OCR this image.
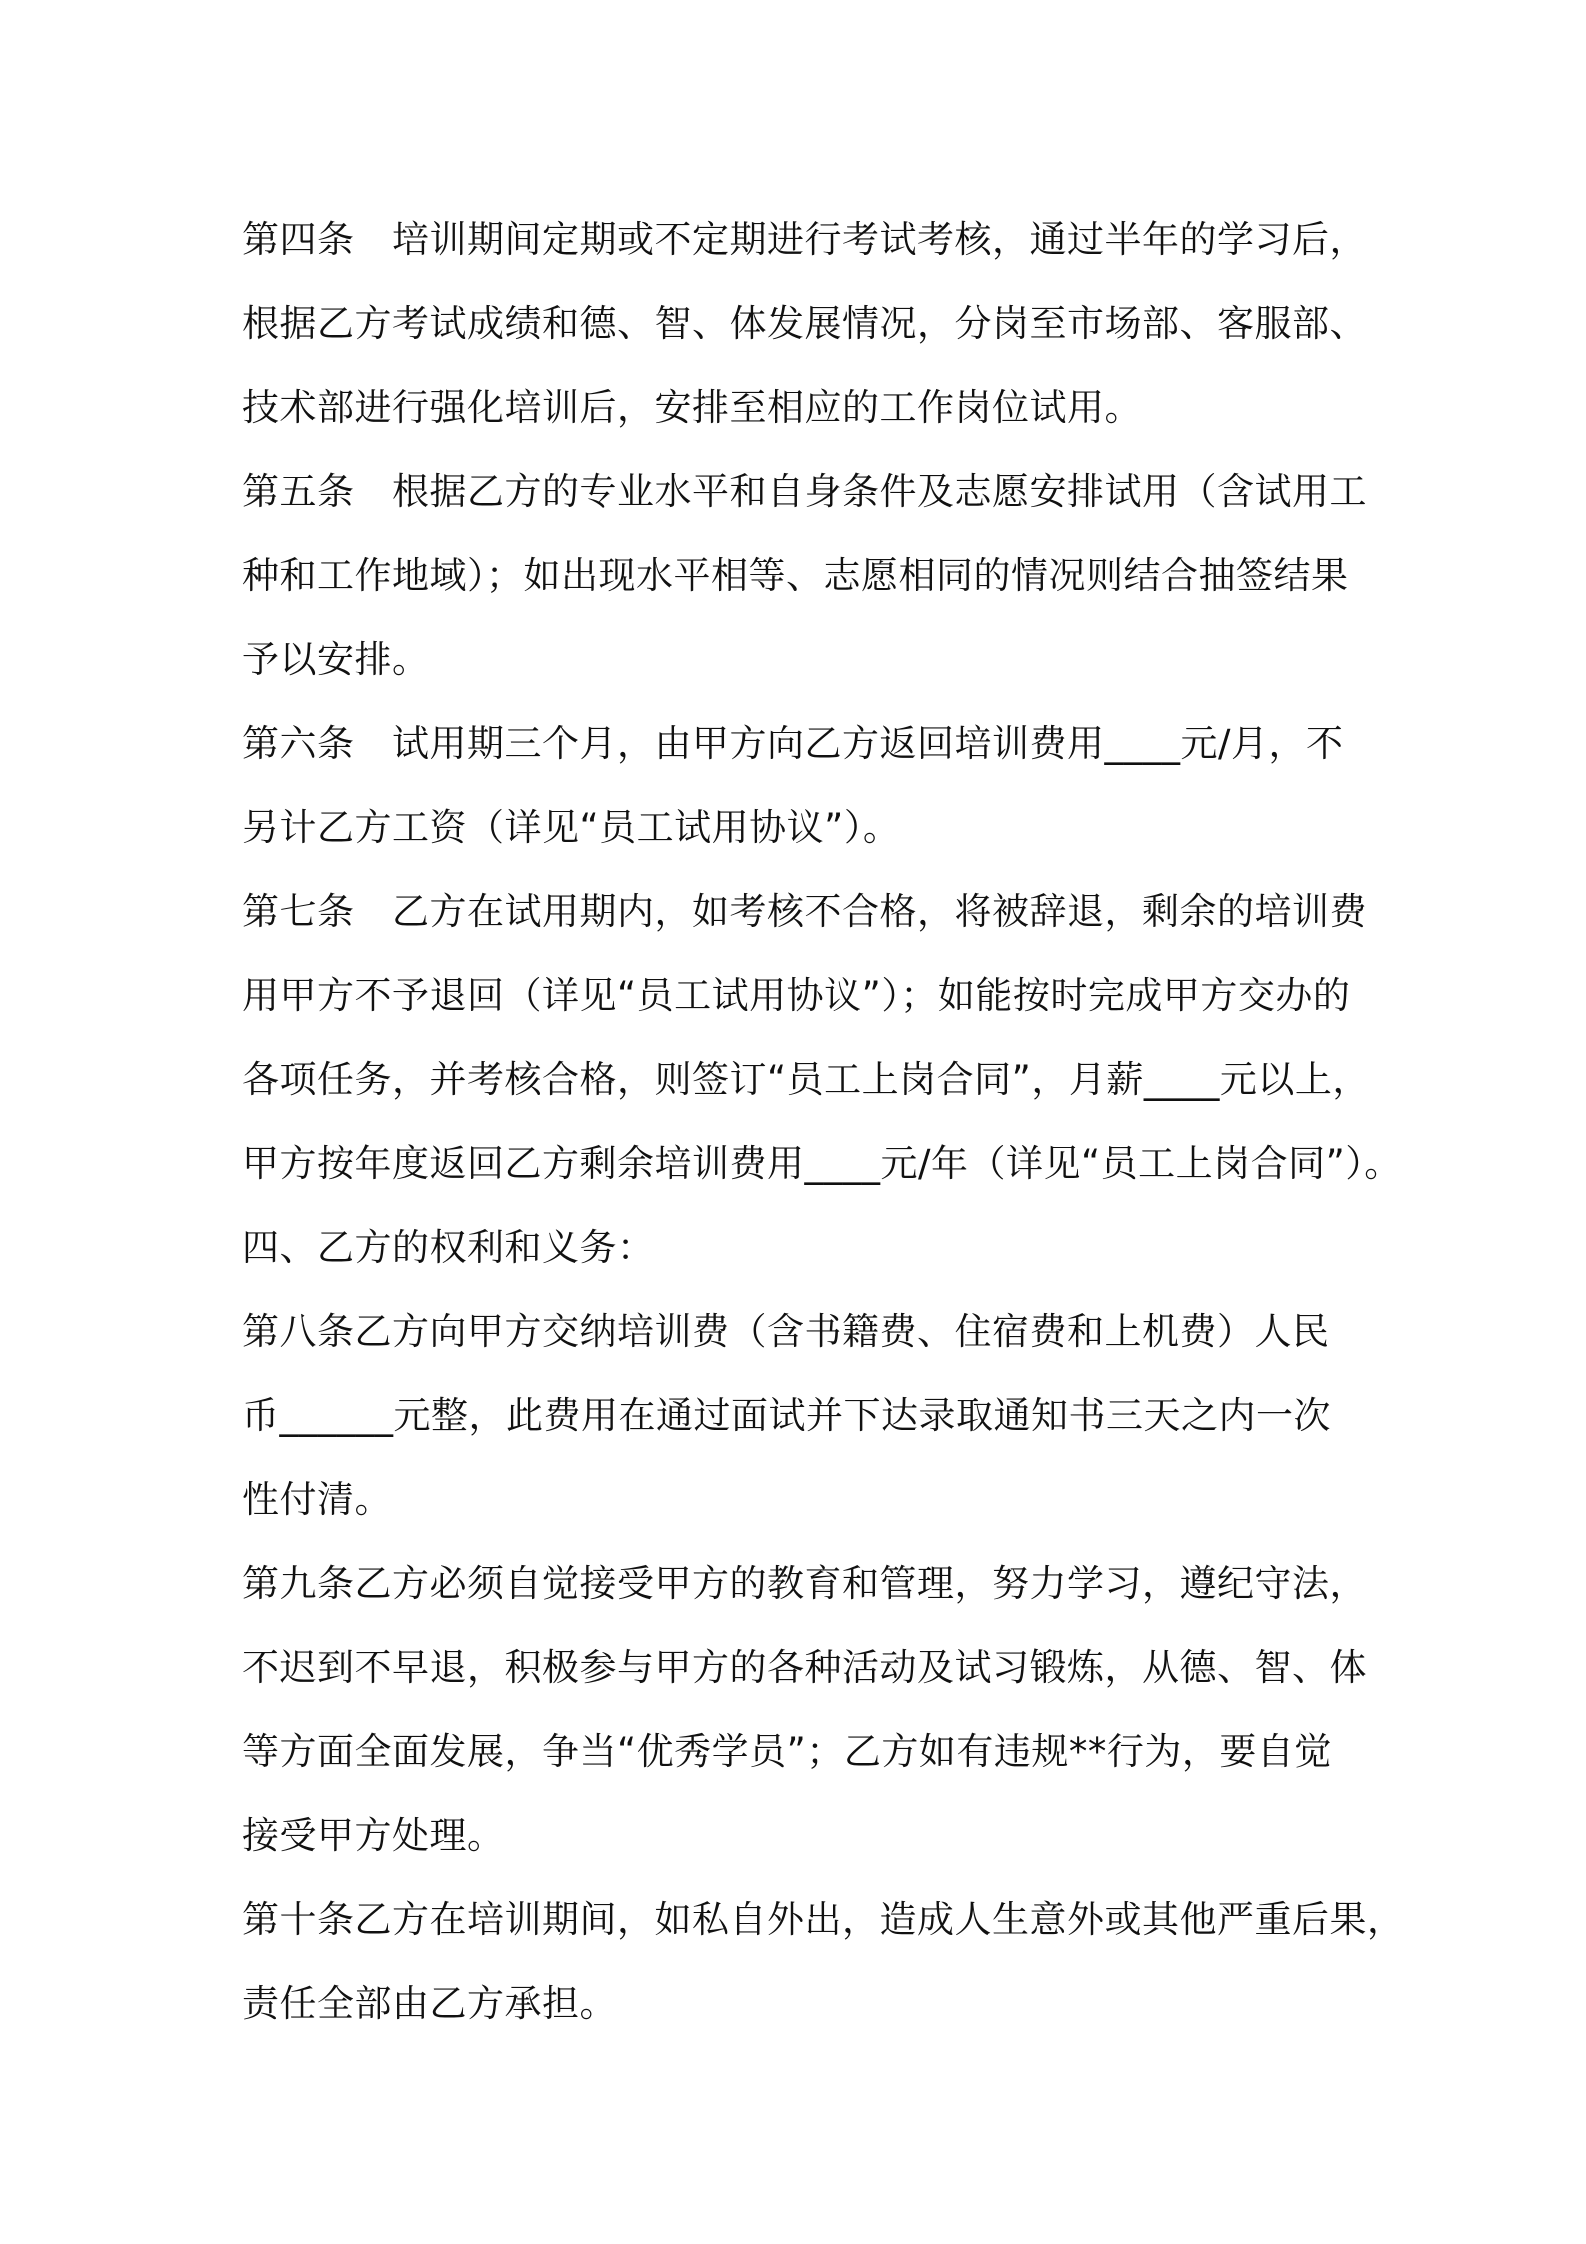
第四条　培训期间定期或不定期进行考试考核，通过半年的学习后，
根据乙方考试成绩和德、智、体发展情况，分岗至市场部、客服部、
技术部进行强化培训后，安排至相应的工作岗位试用。
第五条　根据乙方的专业水平和自身条件及志愿安排试用（含试用工
种和工作地域）；如出现水平相等、志愿相同的情况则结合抽签结果
予以安排。
第六条　试用期三个月，由甲方向乙方返回培训费用____元/月，不
另计乙方工资（详见“员工试用协议”）。
第七条　乙方在试用期内，如考核不合格，将被辞退，剩余的培训费
用甲方不予退回（详见“员工试用协议”）；如能按时完成甲方交办的
各项任务，并考核合格，则签订“员工上岗合同”，月薪____元以上，
甲方按年度返回乙方剩余培训费用____元/年（详见“员工上岗合同”）。
四、乙方的权利和义务：
第八条乙方向甲方交纳培训费（含书籍费、住宿费和上机费）人民
币______元整，此费用在通过面试并下达录取通知书三天之内一次
性付清。
第九条乙方必须自觉接受甲方的教育和管理，努力学习，遵纪守法，
不迟到不早退，积极参与甲方的各种活动及试习锻炼，从德、智、体
等方面全面发展，争当“优秀学员”；乙方如有违规**行为，要自觉
接受甲方处理。
第十条乙方在培训期间，如私自外出，造成人生意外或其他严重后果，
责任全部由乙方承担。
